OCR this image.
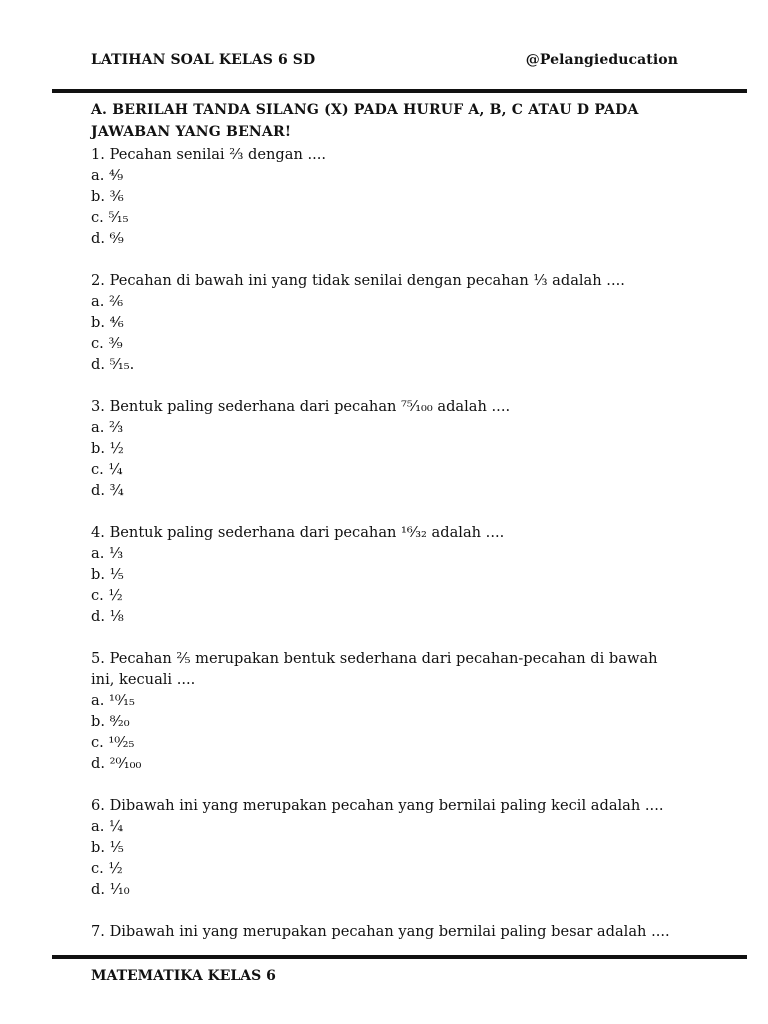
LATIHAN SOAL KELAS 6 SD	@Pelangieducation
A. BERILAH TANDA SILANG (X) PADA HURUF A, B, C ATAU D PADA
JAWABAN YANG BENAR!

1. Pecahan senilai ⅔ dengan ....

a. ⁴⁄₉

b. ³⁄₆

c. ⁵⁄₁₅

d. ⁶⁄₉

2. Pecahan di bawah ini yang tidak senilai dengan pecahan ⅓ adalah ....

a. ²⁄₆

b. ⁴⁄₆

c. ³⁄₉

d. ⁵⁄₁₅.

3. Bentuk paling sederhana dari pecahan ⁷⁵⁄₁₀₀ adalah ....

a. ⅔

b. ½

c. ¼

d. ¾

4. Bentuk paling sederhana dari pecahan ¹⁶⁄₃₂ adalah ....

a. ⅓

b. ⅕

c. ½

d. ⅛

5. Pecahan ⅖ merupakan bentuk sederhana dari pecahan-pecahan di bawah

ini, kecuali ....

a. ¹⁰⁄₁₅

b. ⁸⁄₂₀

c. ¹⁰⁄₂₅

d. ²⁰⁄₁₀₀

6. Dibawah ini yang merupakan pecahan yang bernilai paling kecil adalah ....

a. ¼

b. ⅕

c. ½

d. ⅒

7. Dibawah ini yang merupakan pecahan yang bernilai paling besar adalah ....

MATEMATIKA KELAS 6
